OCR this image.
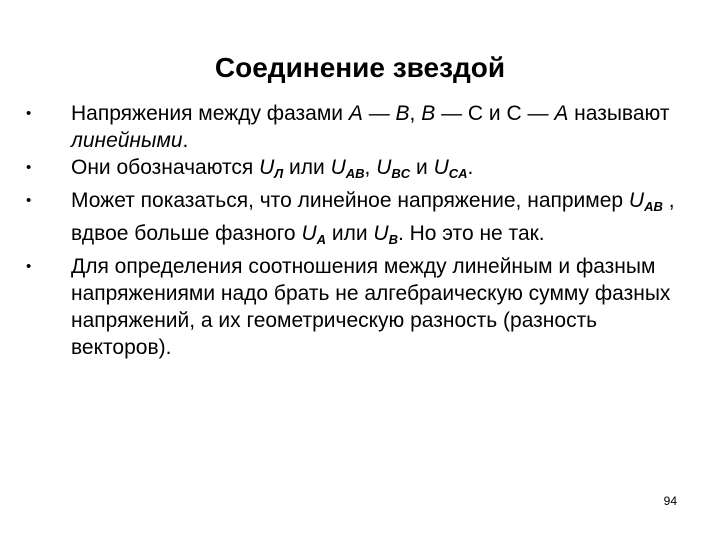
Соединение звездой
•	Напряжения между фазами A — B, B — С и С — A называют линейными.
•	Они обозначаются $U_Л$ или $U_{AB}$, $U_{BC}$ и $U_{CA}$.
•	Может показаться, что линейное напряжение, например $U_{AB}$ , вдвое больше фазного $U_A$ или $U_B$. Но это не так.
•	Для определения соотношения между линейным и фазным напряжениями надо брать не алгебраическую сумму фазных напряжений, а их геометрическую разность (разность векторов).
94
